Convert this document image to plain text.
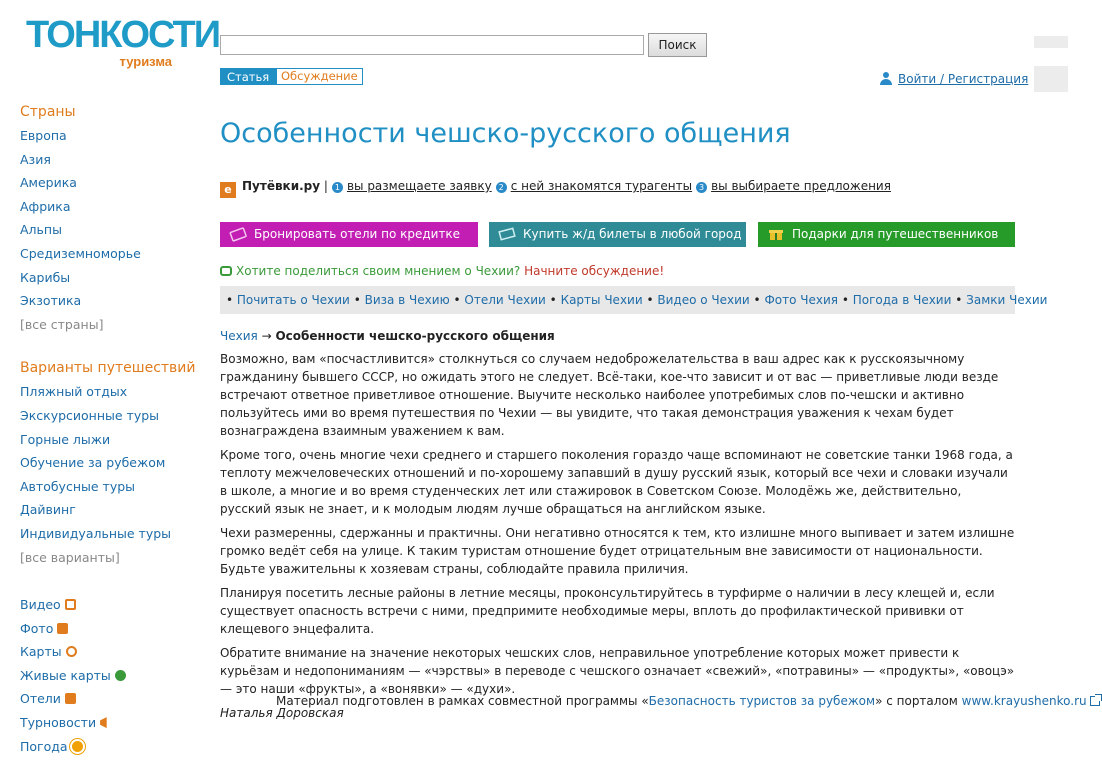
ТОНКОСТИ
туризма
Страны
Европа
Азия
Америка
Африка
Альпы
Средиземноморье
Карибы
Экзотика
[все страны]
Варианты путешествий
Пляжный отдых
Экскурсионные туры
Горные лыжи
Обучение за рубежом
Автобусные туры
Дайвинг
Индивидуальные туры
[все варианты]
Видео
Фото
Карты
Живые карты
Отели
Турновости
Погода
Поиск
Статья	Обсуждение	Войти / Регистрация
Особенности чешско-русского общения
e Путёвки.ру | 1 вы размещаете заявку 2 с ней знакомятся турагенты 3 вы выбираете предложения
Бронировать отели по кредитке	Купить ж/д билеты в любой город	Подарки для путешественников
Хотите поделиться своим мнением о Чехии? Начните обсуждение!
• Почитать о Чехии • Виза в Чехию • Отели Чехии • Карты Чехии • Видео о Чехии • Фото Чехия • Погода в Чехии • Замки Чехии
Чехия → Особенности чешско-русского общения

Возможно, вам «посчастливится» столкнуться со случаем недоброжелательства в ваш адрес как к русскоязычному гражданину бывшего СССР, но ожидать этого не следует. Всё-таки, кое-что зависит и от вас — приветливые люди везде встречают ответное приветливое отношение. Выучите несколько наиболее употребимых слов по-чешски и активно пользуйтесь ими во время путешествия по Чехии — вы увидите, что такая демонстрация уважения к чехам будет вознаграждена взаимным уважением к вам.

Кроме того, очень многие чехи среднего и старшего поколения гораздо чаще вспоминают не советские танки 1968 года, а теплоту межчеловеческих отношений и по-хорошему запавший в душу русский язык, который все чехи и словаки изучали в школе, а многие и во время студенческих лет или стажировок в Советском Союзе. Молодёжь же, действительно, русский язык не знает, и к молодым людям лучше обращаться на английском языке.

Чехи размеренны, сдержанны и практичны. Они негативно относятся к тем, кто излишне много выпивает и затем излишне громко ведёт себя на улице. К таким туристам отношение будет отрицательным вне зависимости от национальности. Будьте уважительны к хозяевам страны, соблюдайте правила приличия.

Планируя посетить лесные районы в летние месяцы, проконсультируйтесь в турфирме о наличии в лесу клещей и, если существует опасность встречи с ними, предпримите необходимые меры, вплоть до профилактической прививки от клещевого энцефалита.

Обратите внимание на значение некоторых чешских слов, неправильное употребление которых может привести к курьёзам и недопониманиям — «чэрствы» в переводе с чешского означает «свежий», «потравины» — «продукты», «овоцэ» — это наши «фрукты», а «вонявки» — «духи».

Наталья Доровская
Материал подготовлен в рамках совместной программы «Безопасность туристов за рубежом» с порталом www.krayushenko.ru
